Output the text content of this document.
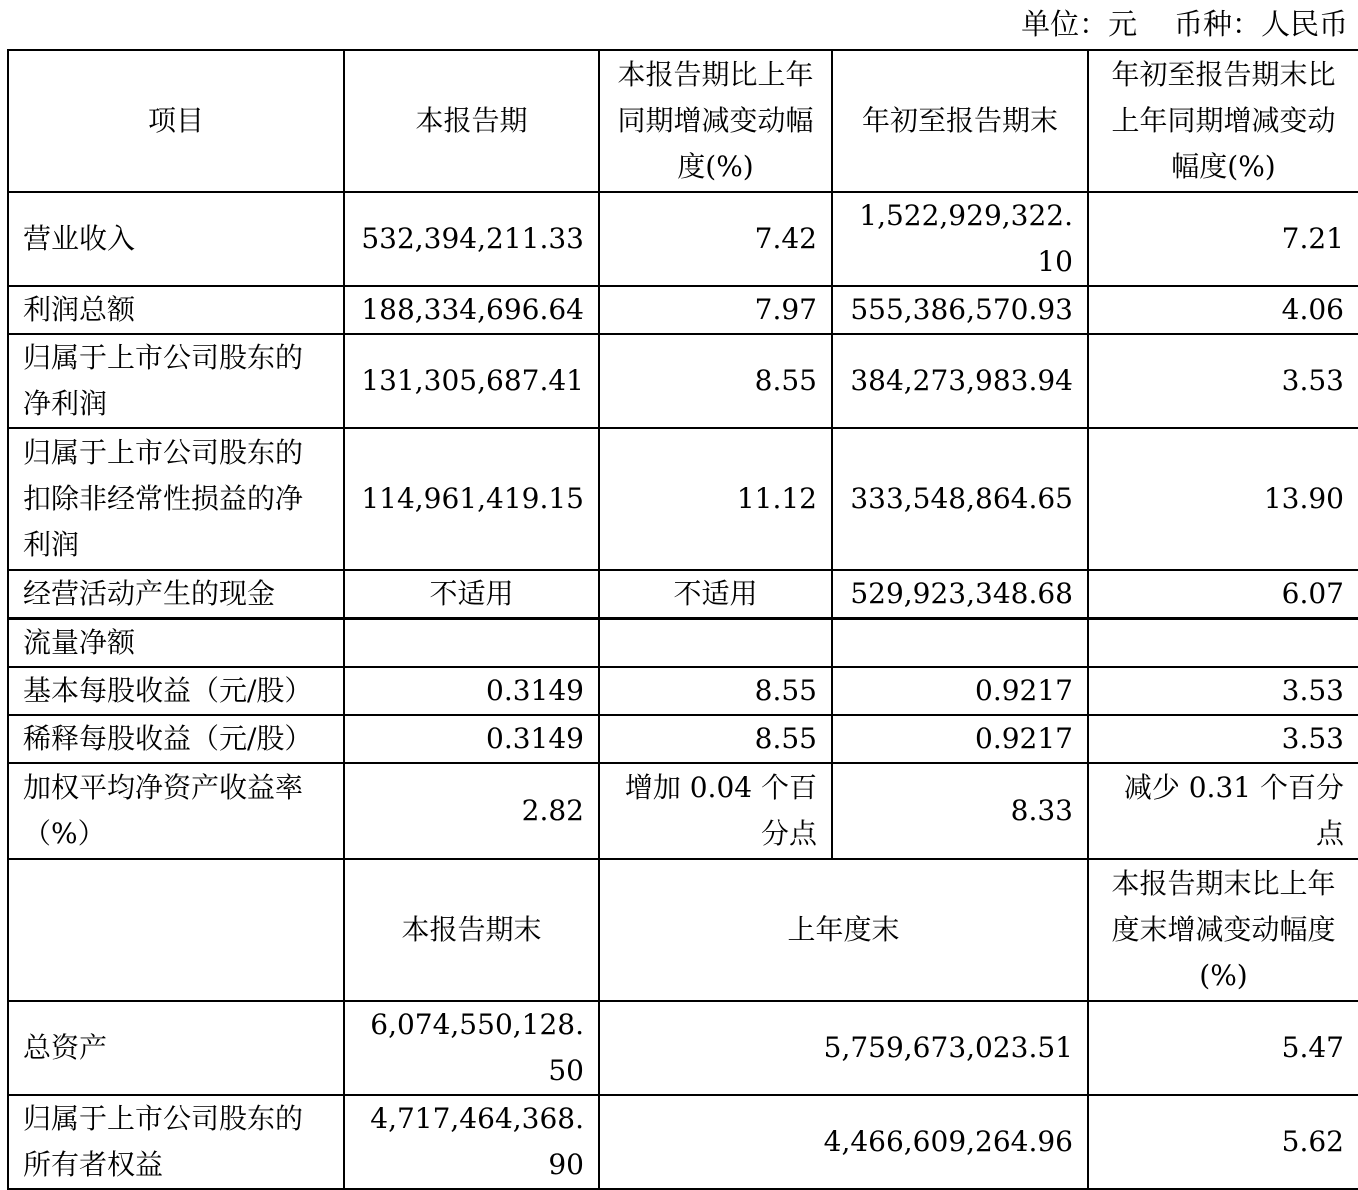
单位：元    币种：人民币
项目	本报告期	本报告期比上年同期增减变动幅度(%)	年初至报告期末	年初至报告期末比上年同期增减变动幅度(%)
营业收入	532,394,211.33	7.42	1,522,929,322.10	7.21
利润总额	188,334,696.64	7.97	555,386,570.93	4.06
归属于上市公司股东的净利润	131,305,687.41	8.55	384,273,983.94	3.53
归属于上市公司股东的扣除非经常性损益的净利润	114,961,419.15	11.12	333,548,864.65	13.90
经营活动产生的现金	不适用	不适用	529,923,348.68	6.07
流量净额				
基本每股收益（元/股）	0.3149	8.55	0.9217	3.53
稀释每股收益（元/股）	0.3149	8.55	0.9217	3.53
加权平均净资产收益率（%）	2.82	增加 0.04 个百分点	8.33	减少 0.31 个百分点
	本报告期末	上年度末		本报告期末比上年度末增减变动幅度(%)
总资产	6,074,550,128.50	5,759,673,023.51		5.47
归属于上市公司股东的所有者权益	4,717,464,368.90	4,466,609,264.96		5.62
